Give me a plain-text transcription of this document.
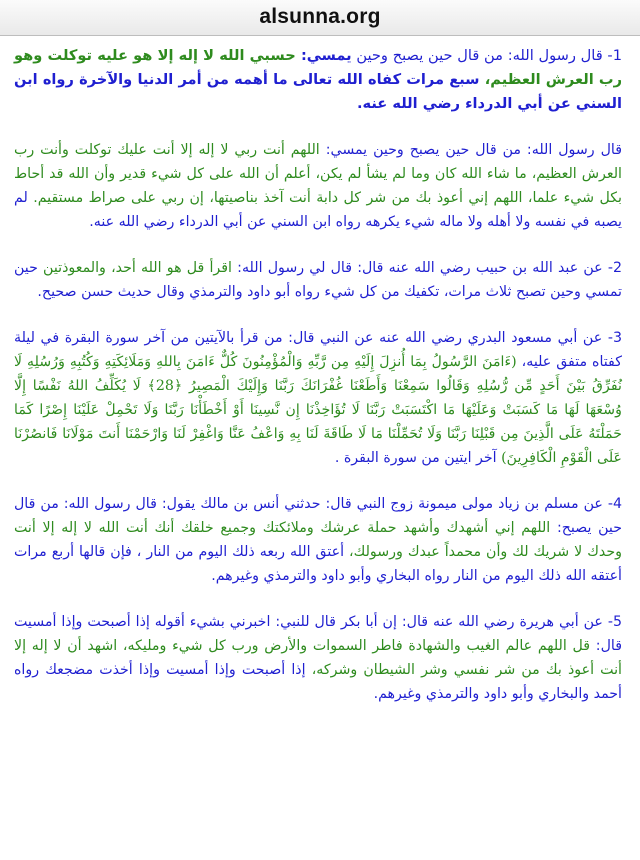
alsunna.org

1- قال رسول الله: من قال حين يصبح وحين يمسي: حسبي الله لا إله إلا هو عليه توكلت وهو رب العرش العظيم، سبع مرات كفاه الله تعالى ما أهمه من أمر الدنيا والآخرة رواه ابن السني عن أبي الدرداء رضي الله عنه.

قال رسول الله: من قال حين يصبح وحين يمسي: اللهم أنت ربي لا إله إلا أنت عليك توكلت وأنت رب العرش العظيم، ما شاء الله كان وما لم يشأ لم يكن، أعلم أن الله على كل شيء قدير وأن الله قد أحاط بكل شيء علما، اللهم إني أعوذ بك من شر كل دابة أنت آخذ بناصيتها، إن ربي على صراط مستقيم. لم يصبه في نفسه ولا أهله ولا ماله شيء يكرهه رواه ابن السني عن أبي الدرداء رضي الله عنه.

2- عن عبد الله بن حبيب رضي الله عنه قال: قال لي رسول الله: اقرأ قل هو الله أحد، والمعوذتين حين تمسي وحين تصبح ثلاث مرات، تكفيك من كل شيء رواه أبو داود والترمذي وقال حديث حسن صحيح.

3- عن أبي مسعود البدري رضي الله عنه عن النبي قال: من قرأ بالآيتين من آخر سورة البقرة في ليلة كفتاه متفق عليه، (ءَامَنَ الرَّسُولُ بِمَا أُنزِلَ إِلَيْهِ مِن رَّبِّهِ وَالْمُؤْمِنُونَ كُلٌّ ءَامَنَ بِاللهِ وَمَلَائِكَتِهِ وَكُتُبِهِ وَرُسُلِهِ لَا نُفَرِّقُ بَيْنَ أَحَدٍ مِّن رُّسُلِهِ وَقَالُوا سَمِعْنَا وَأَطَعْنَا غُفْرَانَكَ رَبَّنَا وَإِلَيْكَ الْمَصِيرُ ﴿28﴾ لَا يُكَلِّفُ اللهُ نَفْسًا إِلَّا وُسْعَهَا لَهَا مَا كَسَبَتْ وَعَلَيْهَا مَا اكْتَسَبَتْ رَبَّنَا لَا تُؤَاخِذْنَا إِن نَّسِينَا أَوْ أَخْطَأْنَا رَبَّنَا وَلَا تَحْمِلْ عَلَيْنَا إِصْرًا كَمَا حَمَلْتَهُ عَلَى الَّذِينَ مِن قَبْلِنَا رَبَّنَا وَلَا تُحَمِّلْنَا مَا لَا طَاقَةَ لَنَا بِهِ وَاعْفُ عَنَّا وَاغْفِرْ لَنَا وَارْحَمْنَا أَنتَ مَوْلَانَا فَانصُرْنَا عَلَى الْقَوْمِ الْكَافِرِينَ) آخر ايتين من سورة البقرة .

4- عن مسلم بن زياد مولى ميمونة زوج النبي قال: حدثني أنس بن مالك يقول: قال رسول الله: من قال حين يصبح: اللهم إني أشهدك وأشهد حملة عرشك وملائكتك وجميع خلقك أنك أنت الله لا إله إلا أنت وحدك لا شريك لك وأن محمداً عبدك ورسولك، أعتق الله ربعه ذلك اليوم من النار ، فإن قالها أربع مرات أعتقه الله ذلك اليوم من النار رواه البخاري وأبو داود والترمذي وغيرهم.

5- عن أبي هريرة رضي الله عنه قال: إن أبا بكر قال للنبي: اخبرني بشيء أقوله إذا أصبحت وإذا أمسيت قال: قل اللهم عالم الغيب والشهادة فاطر السموات والأرض ورب كل شيء ومليكه، اشهد أن لا إله إلا أنت أعوذ بك من شر نفسي وشر الشيطان وشركه، إذا أصبحت وإذا أمسيت وإذا أخذت مضجعك رواه أحمد والبخاري وأبو داود والترمذي وغيرهم.
